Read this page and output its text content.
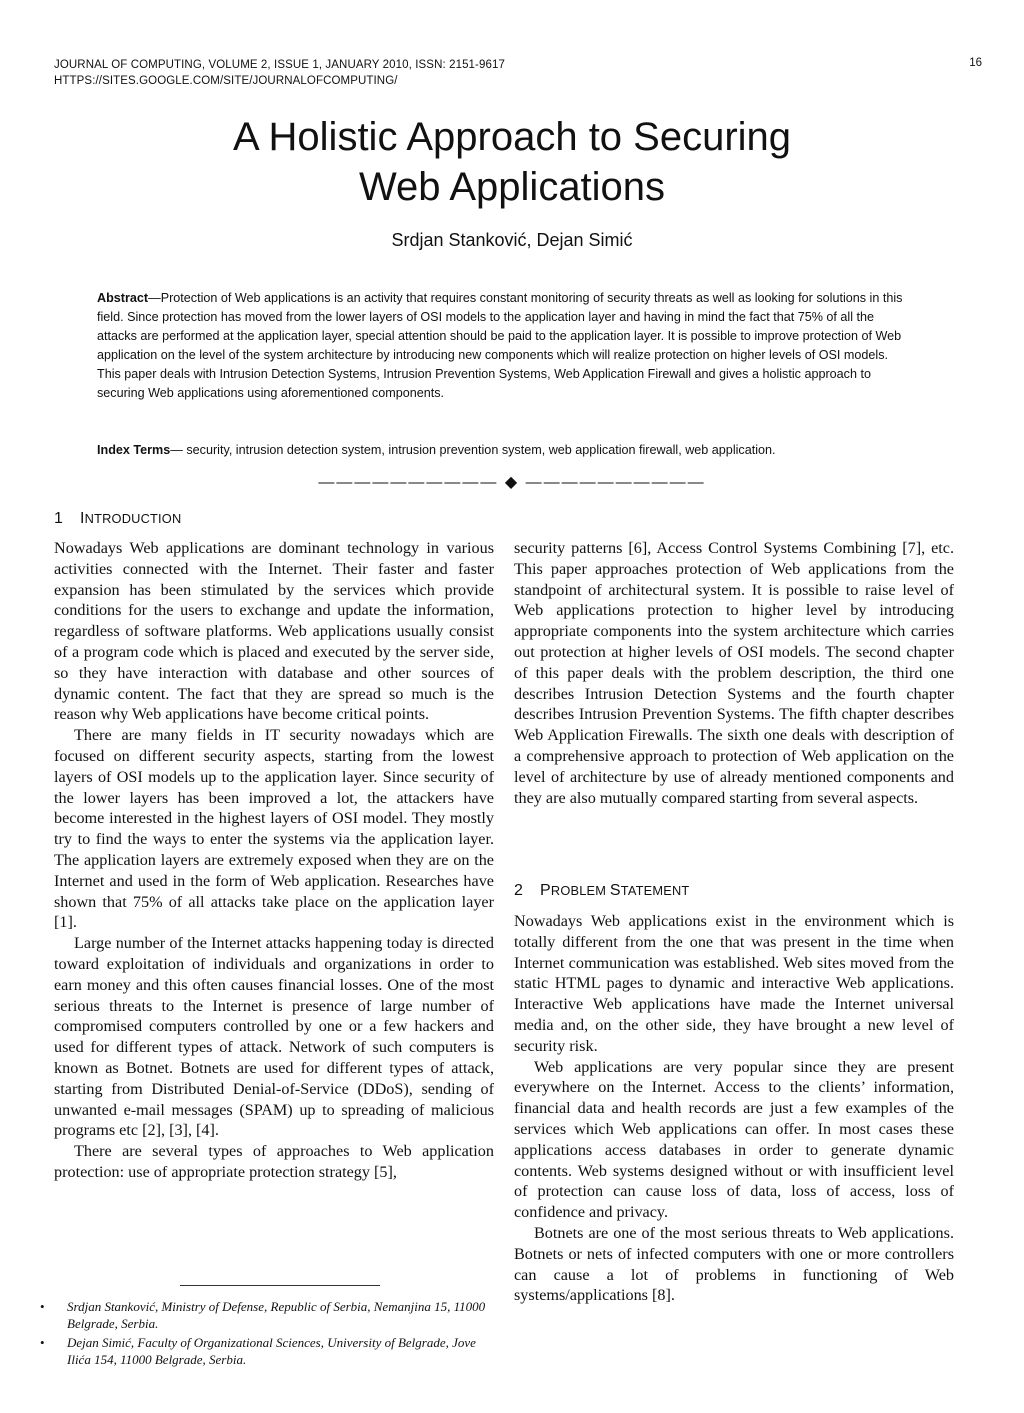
JOURNAL OF COMPUTING, VOLUME 2, ISSUE 1, JANUARY 2010, ISSN: 2151-9617
HTTPS://SITES.GOOGLE.COM/SITE/JOURNALOFCOMPUTING/
16
A Holistic Approach to Securing
Web Applications
Srdjan Stanković, Dejan Simić

Abstract—Protection of Web applications is an activity that requires constant monitoring of security threats as well as looking for solutions in this field. Since protection has moved from the lower layers of OSI models to the application layer and having in mind the fact that 75% of all the attacks are performed at the application layer, special attention should be paid to the application layer. It is possible to improve protection of Web application on the level of the system architecture by introducing new components which will realize protection on higher levels of OSI models. This paper deals with Intrusion Detection Systems, Intrusion Prevention Systems, Web Application Firewall and gives a holistic approach to securing Web applications using aforementioned components.

Index Terms— security, intrusion detection system, intrusion prevention system, web application firewall, web application.

—————————— ◆ ——————————
1 INTRODUCTION

Nowadays Web applications are dominant technology in various activities connected with the Internet. Their faster and faster expansion has been stimulated by the services which provide conditions for the users to exchange and update the information, regardless of software platforms. Web applications usually consist of a program code which is placed and executed by the server side, so they have interaction with database and other sources of dynamic content. The fact that they are spread so much is the reason why Web applications have become critical points.

There are many fields in IT security nowadays which are focused on different security aspects, starting from the lowest layers of OSI models up to the application layer. Since security of the lower layers has been improved a lot, the attackers have become interested in the highest layers of OSI model. They mostly try to find the ways to enter the systems via the application layer. The application layers are extremely exposed when they are on the Internet and used in the form of Web application. Researches have shown that 75% of all attacks take place on the application layer [1].

Large number of the Internet attacks happening today is directed toward exploitation of individuals and organizations in order to earn money and this often causes financial losses. One of the most serious threats to the Internet is presence of large number of compromised computers controlled by one or a few hackers and used for different types of attack. Network of such computers is known as Botnet. Botnets are used for different types of attack, starting from Distributed Denial-of-Service (DDoS), sending of unwanted e-mail messages (SPAM) up to spreading of malicious programs etc [2], [3], [4].

There are several types of approaches to Web application protection: use of appropriate protection strategy [5],

security patterns [6], Access Control Systems Combining [7], etc. This paper approaches protection of Web applications from the standpoint of architectural system. It is possible to raise level of Web applications protection to higher level by introducing appropriate components into the system architecture which carries out protection at higher levels of OSI models. The second chapter of this paper deals with the problem description, the third one describes Intrusion Detection Systems and the fourth chapter describes Intrusion Prevention Systems. The fifth chapter describes Web Application Firewalls. The sixth one deals with description of a comprehensive approach to protection of Web application on the level of architecture by use of already mentioned components and they are also mutually compared starting from several aspects.

2 PROBLEM STATEMENT

Nowadays Web applications exist in the environment which is totally different from the one that was present in the time when Internet communication was established. Web sites moved from the static HTML pages to dynamic and interactive Web applications. Interactive Web applications have made the Internet universal media and, on the other side, they have brought a new level of security risk.

Web applications are very popular since they are present everywhere on the Internet. Access to the clients’ information, financial data and health records are just a few examples of the services which Web applications can offer. In most cases these applications access databases in order to generate dynamic contents. Web systems designed without or with insufficient level of protection can cause loss of data, loss of access, loss of confidence and privacy.

Botnets are one of the most serious threats to Web applications. Botnets or nets of infected computers with one or more controllers can cause a lot of problems in functioning of Web systems/applications [8].

• Srdjan Stanković, Ministry of Defense, Republic of Serbia, Nemanjina 15, 11000 Belgrade, Serbia.
• Dejan Simić, Faculty of Organizational Sciences, University of Belgrade, Jove Ilića 154, 11000 Belgrade, Serbia.
